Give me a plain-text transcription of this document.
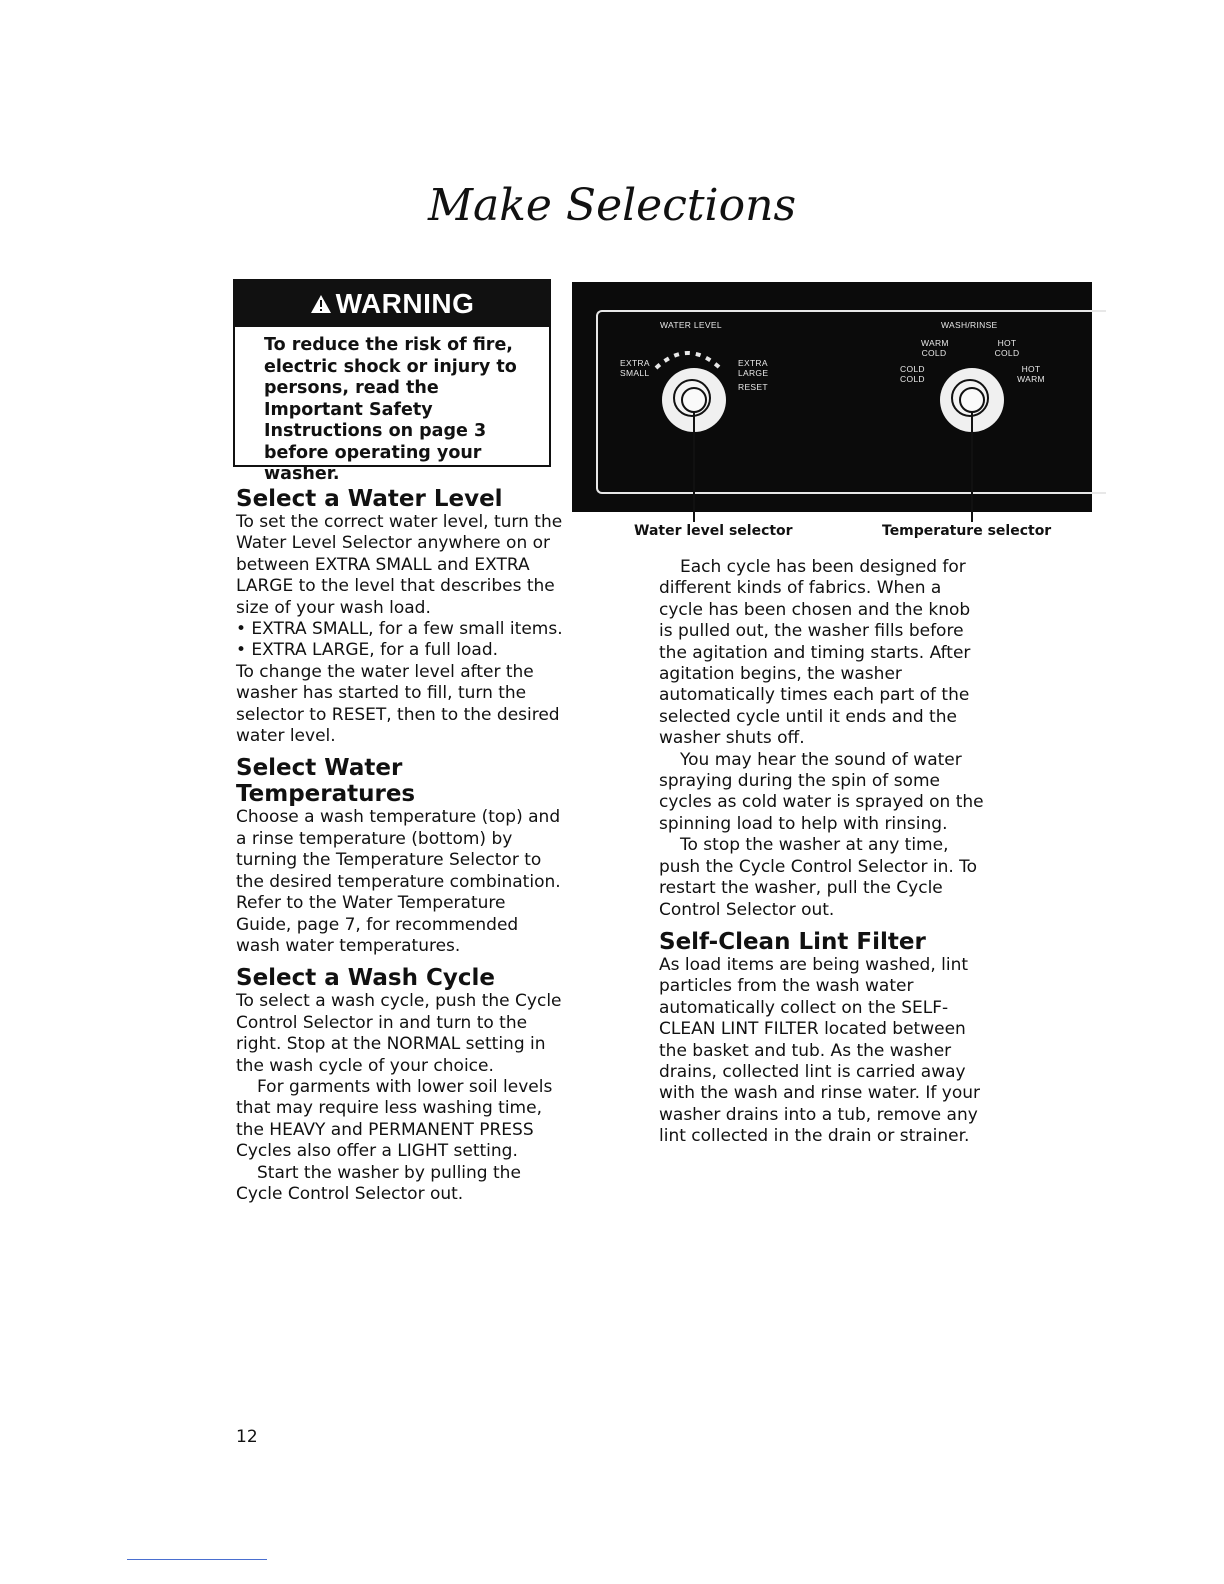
Make Selections
WARNING
To reduce the risk of fire, electric shock or injury to persons, read the Important Safety Instructions on page 3 before operating your washer.
Select a Water Level

To set the correct water level, turn the Water Level Selector anywhere on or between EXTRA SMALL and EXTRA LARGE to the level that describes the size of your wash load.

• EXTRA SMALL, for a few small items.

• EXTRA LARGE, for a full load.

To change the water level after the washer has started to fill, turn the selector to RESET, then to the desired water level.

Select Water Temperatures

Choose a wash temperature (top) and a rinse temperature (bottom) by turning the Temperature Selector to the desired temperature combination. Refer to the Water Temperature Guide, page 7, for recommended wash water temperatures.

Select a Wash Cycle

To select a wash cycle, push the Cycle Control Selector in and turn to the right. Stop at the NORMAL setting in the wash cycle of your choice.

For garments with lower soil levels that may require less washing time, the HEAVY and PERMANENT PRESS Cycles also offer a LIGHT setting.

Start the washer by pulling the Cycle Control Selector out.

WATER LEVEL
EXTRA SMALL
EXTRA LARGE
RESET
WASH/RINSE
WARM COLD
HOT COLD
COLD COLD
HOT WARM
Water level selector	Temperature selector

Each cycle has been designed for different kinds of fabrics. When a cycle has been chosen and the knob is pulled out, the washer fills before the agitation and timing starts. After agitation begins, the washer automatically times each part of the selected cycle until it ends and the washer shuts off.

You may hear the sound of water spraying during the spin of some cycles as cold water is sprayed on the spinning load to help with rinsing.

To stop the washer at any time, push the Cycle Control Selector in. To restart the washer, pull the Cycle Control Selector out.

Self-Clean Lint Filter

As load items are being washed, lint particles from the wash water automatically collect on the SELF-CLEAN LINT FILTER located between the basket and tub. As the washer drains, collected lint is carried away with the wash and rinse water. If your washer drains into a tub, remove any lint collected in the drain or strainer.

12
